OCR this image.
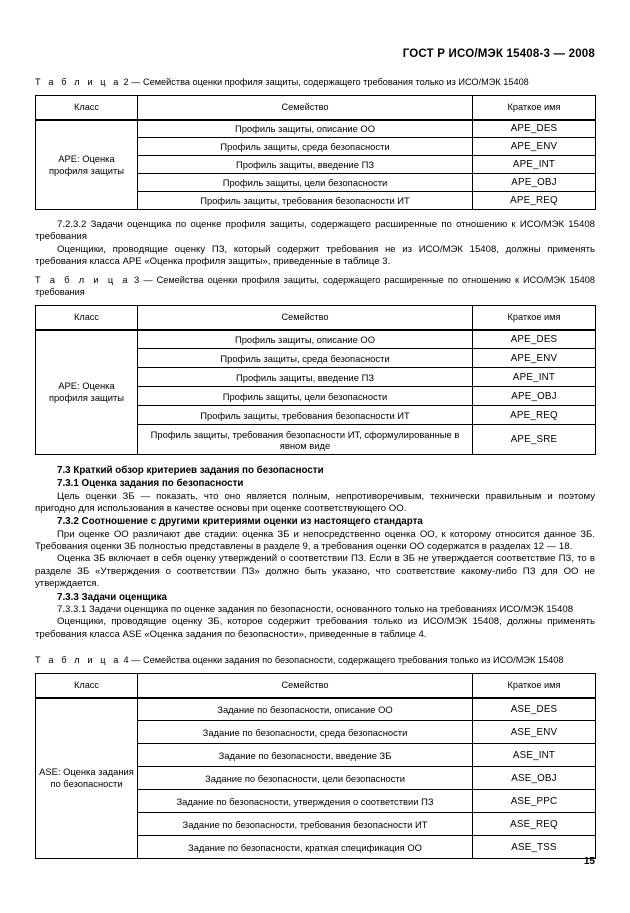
ГОСТ Р ИСО/МЭК 15408-3 — 2008

Т а б л и ц а 2 — Семейства оценки профиля защиты, содержащего требования только из ИСО/МЭК 15408

Класс	Семейство	Краткое имя
APE: Оценка профиля защиты	Профиль защиты, описание ОО	APE_DES
	Профиль защиты, среда безопасности	APE_ENV
	Профиль защиты, введение ПЗ	APE_INT
	Профиль защиты, цели безопасности	APE_OBJ
	Профиль защиты, требования безопасности ИТ	APE_REQ

7.2.3.2 Задачи оценщика по оценке профиля защиты, содержащего расширенные по отношению к ИСО/МЭК 15408 требования

Оценщики, проводящие оценку ПЗ, который содержит требования не из ИСО/МЭК 15408, должны применять требования класса APE «Оценка профиля защиты», приведенные в таблице 3.

Т а б л и ц а 3 — Семейства оценки профиля защиты, содержащего расширенные по отношению к ИСО/МЭК 15408 требования

Класс	Семейство	Краткое имя
APE: Оценка профиля защиты	Профиль защиты, описание ОО	APE_DES
	Профиль защиты, среда безопасности	APE_ENV
	Профиль защиты, введение ПЗ	APE_INT
	Профиль защиты, цели безопасности	APE_OBJ
	Профиль защиты, требования безопасности ИТ	APE_REQ
	Профиль защиты, требования безопасности ИТ, сформулированные в явном виде	APE_SRE
7.3 Краткий обзор критериев задания по безопасности
7.3.1 Оценка задания по безопасности

Цель оценки ЗБ — показать, что оно является полным, непротиворечивым, технически правильным и поэтому пригодно для использования в качестве основы при оценке соответствующего ОО.

7.3.2 Соотношение с другими критериями оценки из настоящего стандарта

При оценке ОО различают две стадии: оценка ЗБ и непосредственно оценка ОО, к которому относится данное ЗБ. Требования оценки ЗБ полностью представлены в разделе 9, а требования оценки ОО содержатся в разделах 12 — 18.

Оценка ЗБ включает в себя оценку утверждений о соответствии ПЗ. Если в ЗБ не утверждается соответствие ПЗ, то в разделе ЗБ «Утверждения о соответствии ПЗ» должно быть указано, что соответствие какому-либо ПЗ для ОО не утверждается.

7.3.3 Задачи оценщика

7.3.3.1 Задачи оценщика по оценке задания по безопасности, основанного только на требованиях ИСО/МЭК 15408

Оценщики, проводящие оценку ЗБ, которое содержит требования только из ИСО/МЭК 15408, должны применять требования класса ASE «Оценка задания по безопасности», приведенные в таблице 4.

Т а б л и ц а 4 — Семейства оценки задания по безопасности, содержащего требования только из ИСО/МЭК 15408

Класс	Семейство	Краткое имя
ASE: Оценка задания по безопасности	Задание по безопасности, описание ОО	ASE_DES
	Задание по безопасности, среда безопасности	ASE_ENV
	Задание по безопасности, введение ЗБ	ASE_INT
	Задание по безопасности, цели безопасности	ASE_OBJ
	Задание по безопасности, утверждения о соответствии ПЗ	ASE_PPC
	Задание по безопасности, требования безопасности ИТ	ASE_REQ
	Задание по безопасности, краткая спецификация ОО	ASE_TSS
15
